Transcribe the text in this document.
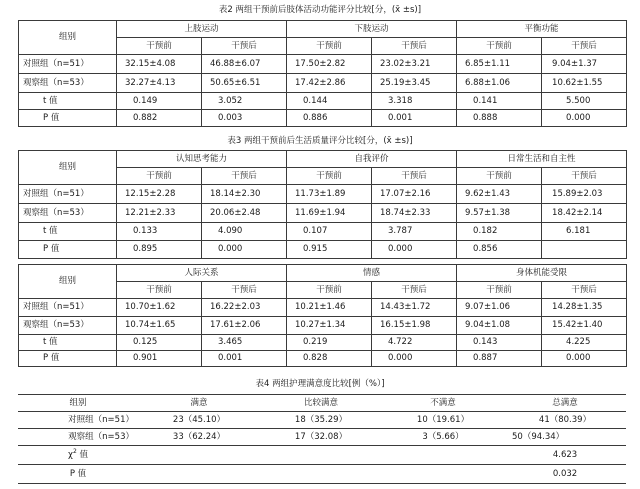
表2 两组干预前后肢体活动功能评分比较[分，(x̄ ±s)]
组别	上肢运动		下肢运动		平衡功能	
	干预前	干预后	干预前	干预后	干预前	干预后
对照组（n=51）	32.15±4.08	46.88±6.07	17.50±2.82	23.02±3.21	6.85±1.11	9.04±1.37
观察组（n=53）	32.27±4.13	50.65±6.51	17.42±2.86	25.19±3.45	6.88±1.06	10.62±1.55
t 值	0.149	3.052	0.144	3.318	0.141	5.500
P 值	0.882	0.003	0.886	0.001	0.888	0.000
表3 两组干预前后生活质量评分比较[分，(x̄ ±s)]
组别	认知思考能力		自我评价		日常生活和自主性	
	干预前	干预后	干预前	干预后	干预前	干预后
对照组（n=51）	12.15±2.28	18.14±2.30	11.73±1.89	17.07±2.16	9.62±1.43	15.89±2.03
观察组（n=53）	12.21±2.33	20.06±2.48	11.69±1.94	18.74±2.33	9.57±1.38	18.42±2.14
t 值	0.133	4.090	0.107	3.787	0.182	6.181
P 值	0.895	0.000	0.915	0.000	0.856	
组别	人际关系		情感		身体机能受限	
	干预前	干预后	干预前	干预后	干预前	干预后
对照组（n=51）	10.70±1.62	16.22±2.03	10.21±1.46	14.43±1.72	9.07±1.06	14.28±1.35
观察组（n=53）	10.74±1.65	17.61±2.06	10.27±1.34	16.15±1.98	9.04±1.08	15.42±1.40
t 值	0.125	3.465	0.219	4.722	0.143	4.225
P 值	0.901	0.001	0.828	0.000	0.887	0.000
表4 两组护理满意度比较[例（%）]
组别	满意	比较满意	不满意	总满意
对照组（n=51）	23（45.10）	18（35.29）	10（19.61）	41（80.39）
观察组（n=53）	33（62.24）	17（32.08）	3（5.66）	50（94.34）
$\chi^2$ 值				4.623
P 值				0.032
